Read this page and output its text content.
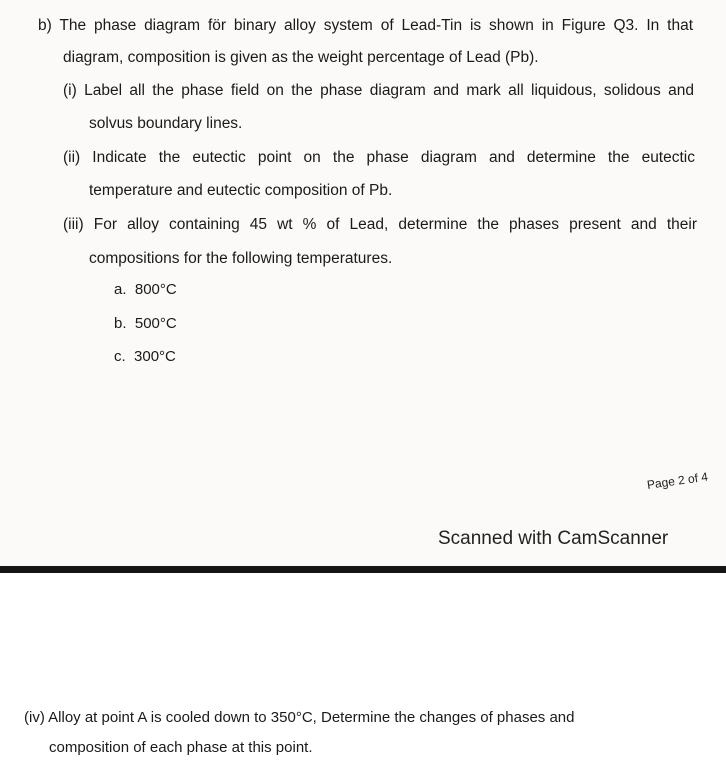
b) The phase diagram för binary alloy system of Lead-Tin is shown in Figure Q3. In that
diagram, composition is given as the weight percentage of Lead (Pb).
(i) Label all the phase field on the phase diagram and mark all liquidous, solidous and
solvus boundary lines.
(ii) Indicate the eutectic point on the phase diagram and determine the eutectic
temperature and eutectic composition of Pb.
(iii) For alloy containing 45 wt % of Lead, determine the phases present and their
compositions for the following temperatures.
a. 800°C
b. 500°C
c. 300°C
Page 2 of 4
Scanned with CamScanner
(iv) Alloy at point A is cooled down to 350°C, Determine the changes of phases and
composition of each phase at this point.
